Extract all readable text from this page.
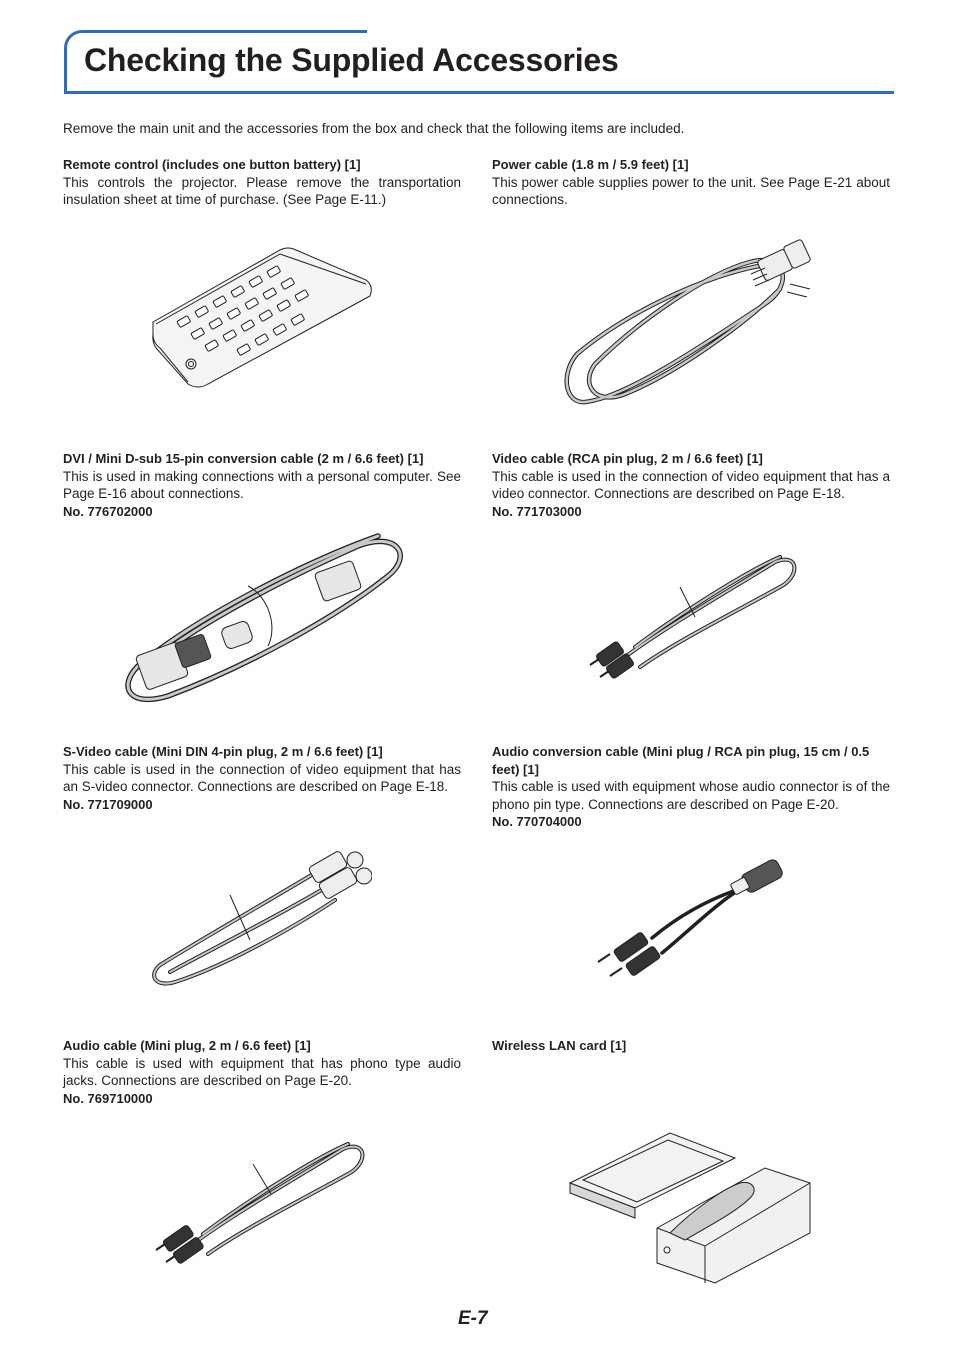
Checking the Supplied Accessories
Remove the main unit and the accessories from the box and check that the following items are included.
Remote control (includes one button battery) [1]

This controls the projector. Please remove the transportation insulation sheet at time of purchase. (See Page E-11.)

Power cable (1.8 m / 5.9 feet) [1]

This power cable supplies power to the unit. See Page E-21 about connections.

DVI / Mini D-sub 15-pin conversion cable (2 m / 6.6 feet) [1]

This is used in making connections with a personal computer. See Page E-16 about connections.

No. 776702000
Video cable (RCA pin plug, 2 m / 6.6 feet) [1]

This cable is used in the connection of video equipment that has a video connector. Connections are described on Page E-18.

No. 771703000
S-Video cable (Mini DIN 4-pin plug, 2 m / 6.6 feet) [1]

This cable is used in the connection of video equipment that has an S-video connector. Connections are described on Page E-18.

No. 771709000
Audio conversion cable (Mini plug / RCA pin plug, 15 cm / 0.5 feet) [1]

This cable is used with equipment whose audio connector is of the phono pin type. Connections are described on Page E-20.

No. 770704000
Audio cable (Mini plug, 2 m / 6.6 feet) [1]

This cable is used with equipment that has phono type audio jacks. Connections are described on Page E-20.

No. 769710000
Wireless LAN card [1]
E-7
